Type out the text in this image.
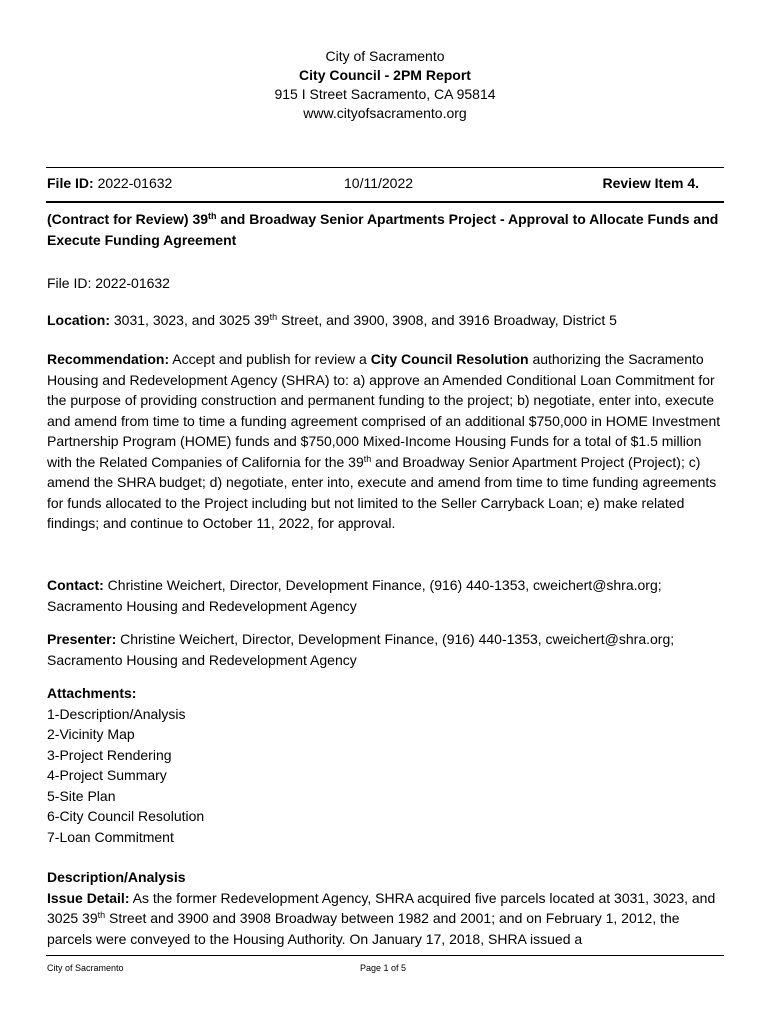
City of Sacramento
City Council - 2PM Report
915 I Street Sacramento, CA 95814
www.cityofsacramento.org
File ID: 2022-01632	10/11/2022	Review Item 4.
(Contract for Review) 39th and Broadway Senior Apartments Project - Approval to Allocate Funds and Execute Funding Agreement
File ID: 2022-01632
Location: 3031, 3023, and 3025 39th Street, and 3900, 3908, and 3916 Broadway, District 5
Recommendation: Accept and publish for review a City Council Resolution authorizing the Sacramento Housing and Redevelopment Agency (SHRA) to: a) approve an Amended Conditional Loan Commitment for the purpose of providing construction and permanent funding to the project; b) negotiate, enter into, execute and amend from time to time a funding agreement comprised of an additional $750,000 in HOME Investment Partnership Program (HOME) funds and $750,000 Mixed-Income Housing Funds for a total of $1.5 million with the Related Companies of California for the 39th and Broadway Senior Apartment Project (Project); c) amend the SHRA budget; d) negotiate, enter into, execute and amend from time to time funding agreements for funds allocated to the Project including but not limited to the Seller Carryback Loan; e) make related findings; and continue to October 11, 2022, for approval.
Contact: Christine Weichert, Director, Development Finance, (916) 440-1353, cweichert@shra.org; Sacramento Housing and Redevelopment Agency
Presenter: Christine Weichert, Director, Development Finance, (916) 440-1353, cweichert@shra.org; Sacramento Housing and Redevelopment Agency
Attachments:
1-Description/Analysis
2-Vicinity Map
3-Project Rendering
4-Project Summary
5-Site Plan
6-City Council Resolution
7-Loan Commitment
Description/Analysis
Issue Detail: As the former Redevelopment Agency, SHRA acquired five parcels located at 3031, 3023, and 3025 39th Street and 3900 and 3908 Broadway between 1982 and 2001; and on February 1, 2012, the parcels were conveyed to the Housing Authority. On January 17, 2018, SHRA issued a
City of Sacramento	Page 1 of 5
